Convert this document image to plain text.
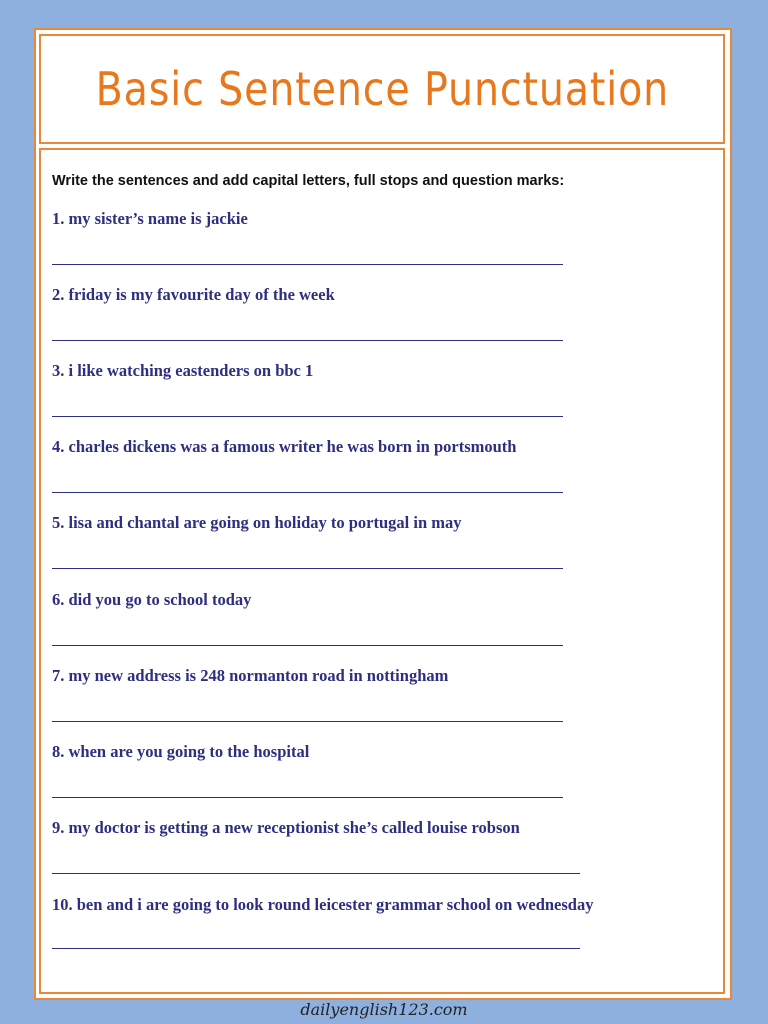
Basic Sentence Punctuation
Write the sentences and add capital letters, full stops and question marks:
1. my sister’s name is jackie
2. friday is my favourite day of the week
3. i like watching eastenders on bbc 1
4. charles dickens was a famous writer he was born in portsmouth
5. lisa and chantal are going on holiday to portugal in may
6. did you go to school today
7. my new address is 248 normanton road in nottingham
8. when are you going to the hospital
9. my doctor is getting a new receptionist she’s called louise robson
10. ben and i are going to look round leicester grammar school on wednesday
dailyenglish123.com
